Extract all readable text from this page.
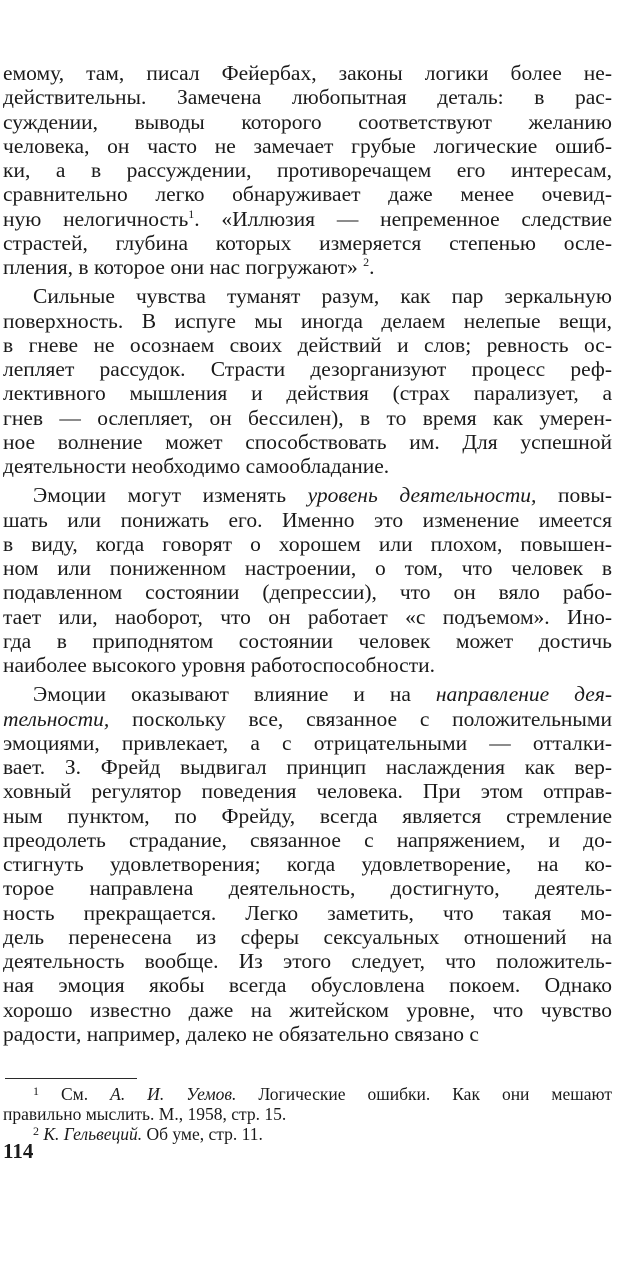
емому, там, писал Фейербах, законы логики более не-
действительны. Замечена любопытная деталь: в рас-
суждении, выводы которого соответствуют желанию
человека, он часто не замечает грубые логические ошиб-
ки, а в рассуждении, противоречащем его интересам,
сравнительно легко обнаруживает даже менее очевид-
ную нелогичность$^1$. «Иллюзия — непременное следствие
страстей, глубина которых измеряется степенью осле-
пления, в которое они нас погружают» $^2$.
Сильные чувства туманят разум, как пар зеркальную
поверхность. В испуге мы иногда делаем нелепые вещи,
в гневе не осознаем своих действий и слов; ревность ос-
лепляет рассудок. Страсти дезорганизуют процесс реф-
лективного мышления и действия (страх парализует, а
гнев — ослепляет, он бессилен), в то время как умерен-
ное волнение может способствовать им. Для успешной
деятельности необходимо самообладание.
Эмоции могут изменять уровень деятельности, повы-
шать или понижать его. Именно это изменение имеется
в виду, когда говорят о хорошем или плохом, повышен-
ном или пониженном настроении, о том, что человек в
подавленном состоянии (депрессии), что он вяло рабо-
тает или, наоборот, что он работает «с подъемом». Ино-
гда в приподнятом состоянии человек может достичь
наиболее высокого уровня работоспособности.
Эмоции оказывают влияние и на направление дея-
тельности, поскольку все, связанное с положительными
эмоциями, привлекает, а с отрицательными — отталки-
вает. З. Фрейд выдвигал принцип наслаждения как вер-
ховный регулятор поведения человека. При этом отправ-
ным пунктом, по Фрейду, всегда является стремление
преодолеть страдание, связанное с напряжением, и до-
стигнуть удовлетворения; когда удовлетворение, на ко-
торое направлена деятельность, достигнуто, деятель-
ность прекращается. Легко заметить, что такая мо-
дель перенесена из сферы сексуальных отношений на
деятельность вообще. Из этого следует, что положитель-
ная эмоция якобы всегда обусловлена покоем. Однако
хорошо известно даже на житейском уровне, что чувство
радости, например, далеко не обязательно связано с
$^1$ См. А. И. Уемов. Логические ошибки. Как они мешают
правильно мыслить. М., 1958, стр. 15.
$^2$ К. Гельвеций. Об уме, стр. 11.
114
